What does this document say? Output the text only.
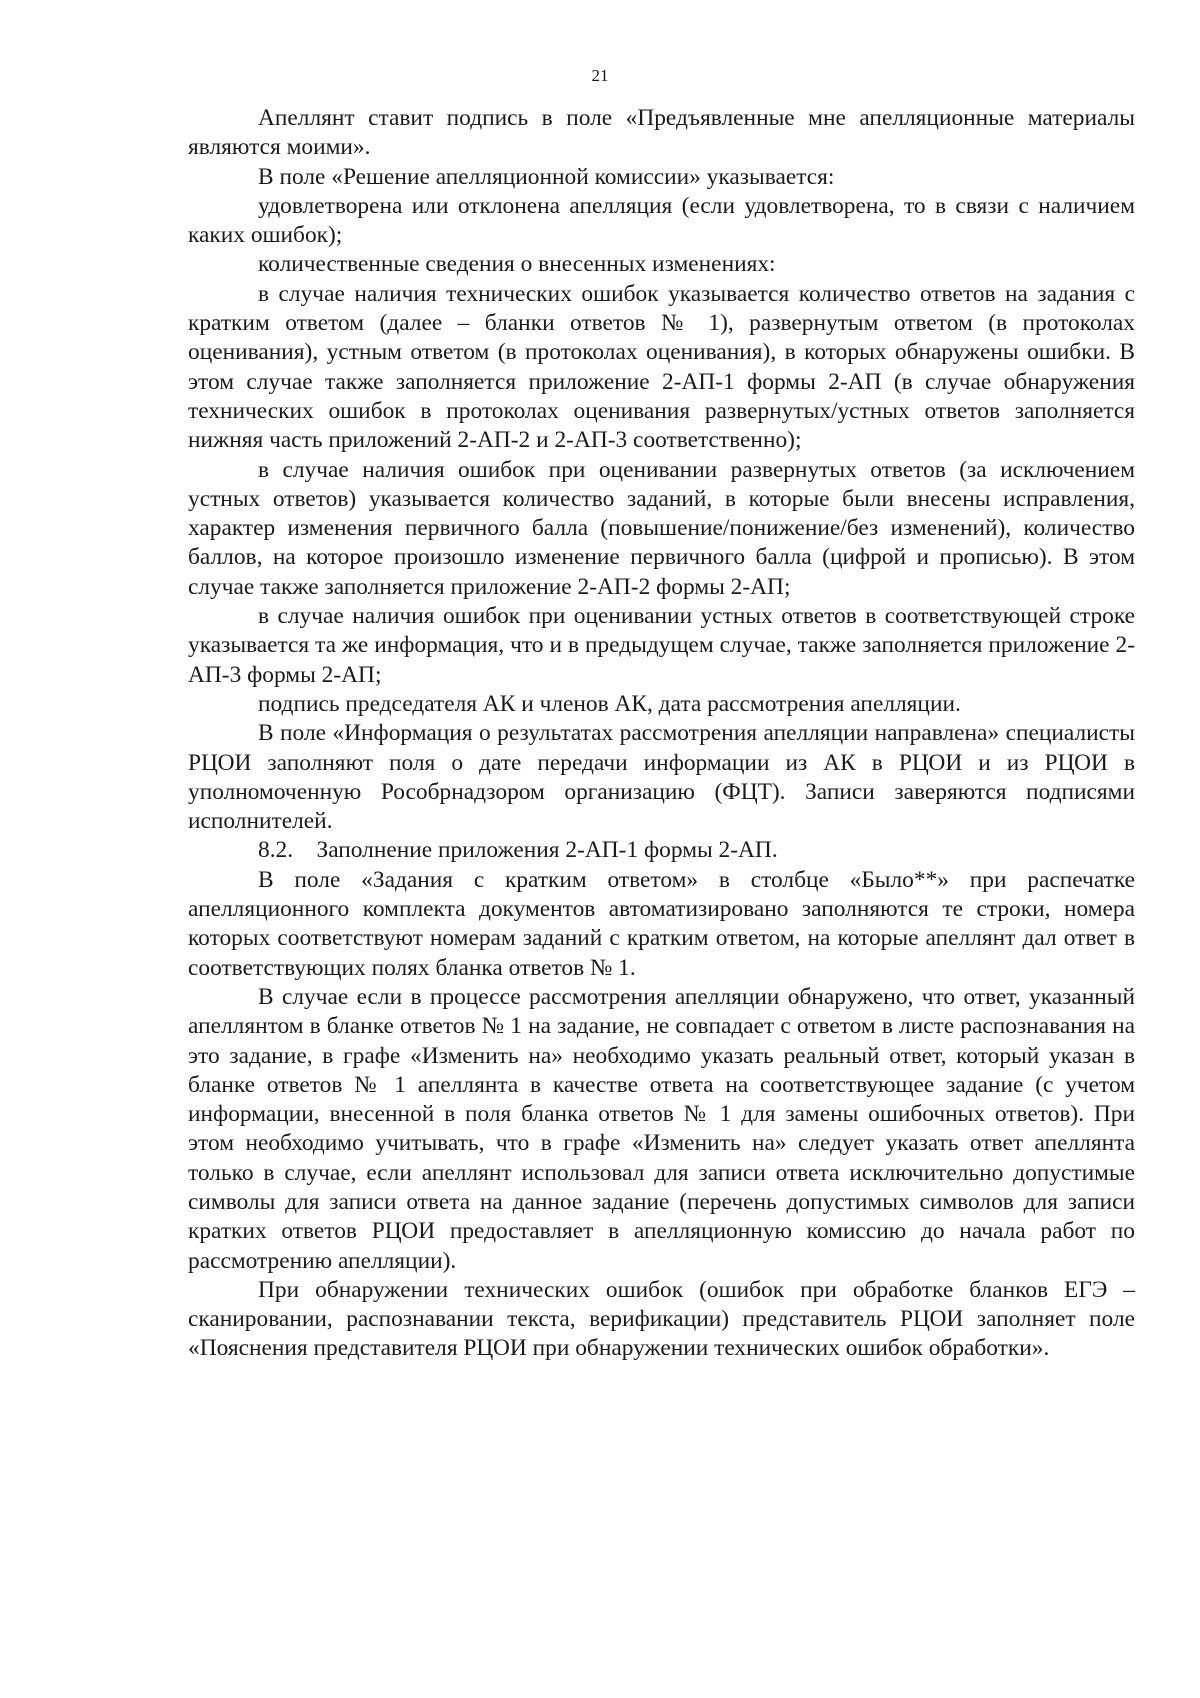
21

Апеллянт ставит подпись в поле «Предъявленные мне апелляционные материалы являются моими».

В поле «Решение апелляционной комиссии» указывается:

удовлетворена или отклонена апелляция (если удовлетворена, то в связи с наличием каких ошибок);

количественные сведения о внесенных изменениях:

в случае наличия технических ошибок указывается количество ответов на задания с кратким ответом (далее – бланки ответов № 1), развернутым ответом (в протоколах оценивания), устным ответом (в протоколах оценивания), в которых обнаружены ошибки. В этом случае также заполняется приложение 2-АП-1 формы 2-АП (в случае обнаружения технических ошибок в протоколах оценивания развернутых/устных ответов заполняется нижняя часть приложений 2-АП-2 и 2-АП-3 соответственно);

в случае наличия ошибок при оценивании развернутых ответов (за исключением устных ответов) указывается количество заданий, в которые были внесены исправления, характер изменения первичного балла (повышение/понижение/без изменений), количество баллов, на которое произошло изменение первичного балла (цифрой и прописью). В этом случае также заполняется приложение 2-АП-2 формы 2-АП;

в случае наличия ошибок при оценивании устных ответов в соответствующей строке указывается та же информация, что и в предыдущем случае, также заполняется приложение 2-АП-3 формы 2-АП;

подпись председателя АК и членов АК, дата рассмотрения апелляции.

В поле «Информация о результатах рассмотрения апелляции направлена» специалисты РЦОИ заполняют поля о дате передачи информации из АК в РЦОИ и из РЦОИ в уполномоченную Рособрнадзором организацию (ФЦТ). Записи заверяются подписями исполнителей.

8.2. Заполнение приложения 2-АП-1 формы 2-АП.

В поле «Задания с кратким ответом» в столбце «Было**» при распечатке апелляционного комплекта документов автоматизировано заполняются те строки, номера которых соответствуют номерам заданий с кратким ответом, на которые апеллянт дал ответ в соответствующих полях бланка ответов № 1.

В случае если в процессе рассмотрения апелляции обнаружено, что ответ, указанный апеллянтом в бланке ответов № 1 на задание, не совпадает с ответом в листе распознавания на это задание, в графе «Изменить на» необходимо указать реальный ответ, который указан в бланке ответов № 1 апеллянта в качестве ответа на соответствующее задание (с учетом информации, внесенной в поля бланка ответов № 1 для замены ошибочных ответов). При этом необходимо учитывать, что в графе «Изменить на» следует указать ответ апеллянта только в случае, если апеллянт использовал для записи ответа исключительно допустимые символы для записи ответа на данное задание (перечень допустимых символов для записи кратких ответов РЦОИ предоставляет в апелляционную комиссию до начала работ по рассмотрению апелляции).

При обнаружении технических ошибок (ошибок при обработке бланков ЕГЭ – сканировании, распознавании текста, верификации) представитель РЦОИ заполняет поле «Пояснения представителя РЦОИ при обнаружении технических ошибок обработки».
